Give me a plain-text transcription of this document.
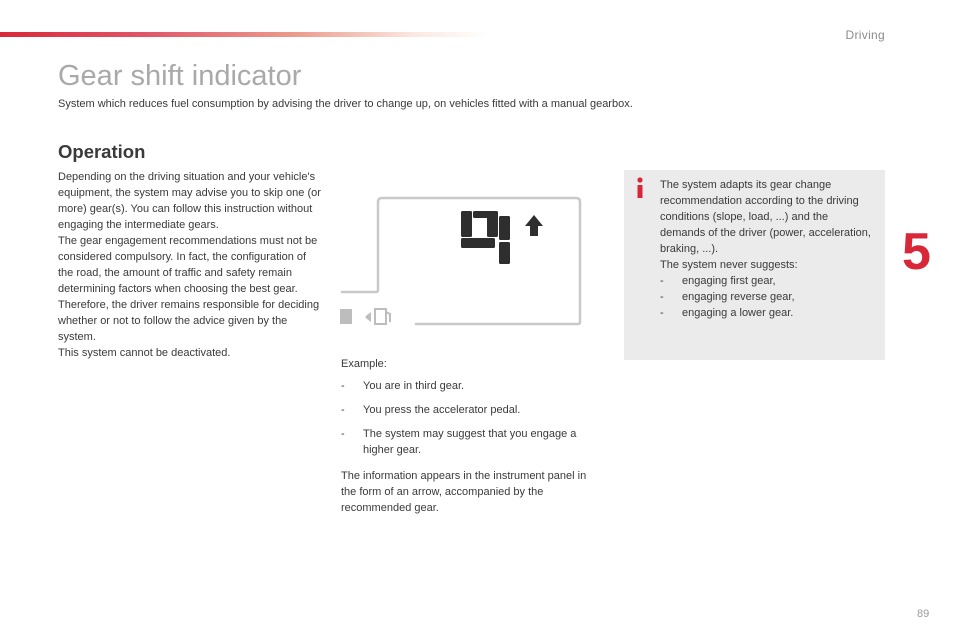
Driving
Gear shift indicator

System which reduces fuel consumption by advising the driver to change up, on vehicles fitted with a manual gearbox.

Operation

Depending on the driving situation and your vehicle's equipment, the system may advise you to skip one (or more) gear(s). You can follow this instruction without engaging the intermediate gears.

The gear engagement recommendations must not be considered compulsory. In fact, the configuration of the road, the amount of traffic and safety remain determining factors when choosing the best gear. Therefore, the driver remains responsible for deciding whether or not to follow the advice given by the system.

This system cannot be deactivated.

Example:

- You are in third gear.
- You press the accelerator pedal.
- The system may suggest that you engage a higher gear.

The information appears in the instrument panel in the form of an arrow, accompanied by the recommended gear.

The system adapts its gear change recommendation according to the driving conditions (slope, load, ...) and the demands of the driver (power, acceleration, braking, ...).

The system never suggests:

- engaging first gear,
- engaging reverse gear,
- engaging a lower gear.
5
89
